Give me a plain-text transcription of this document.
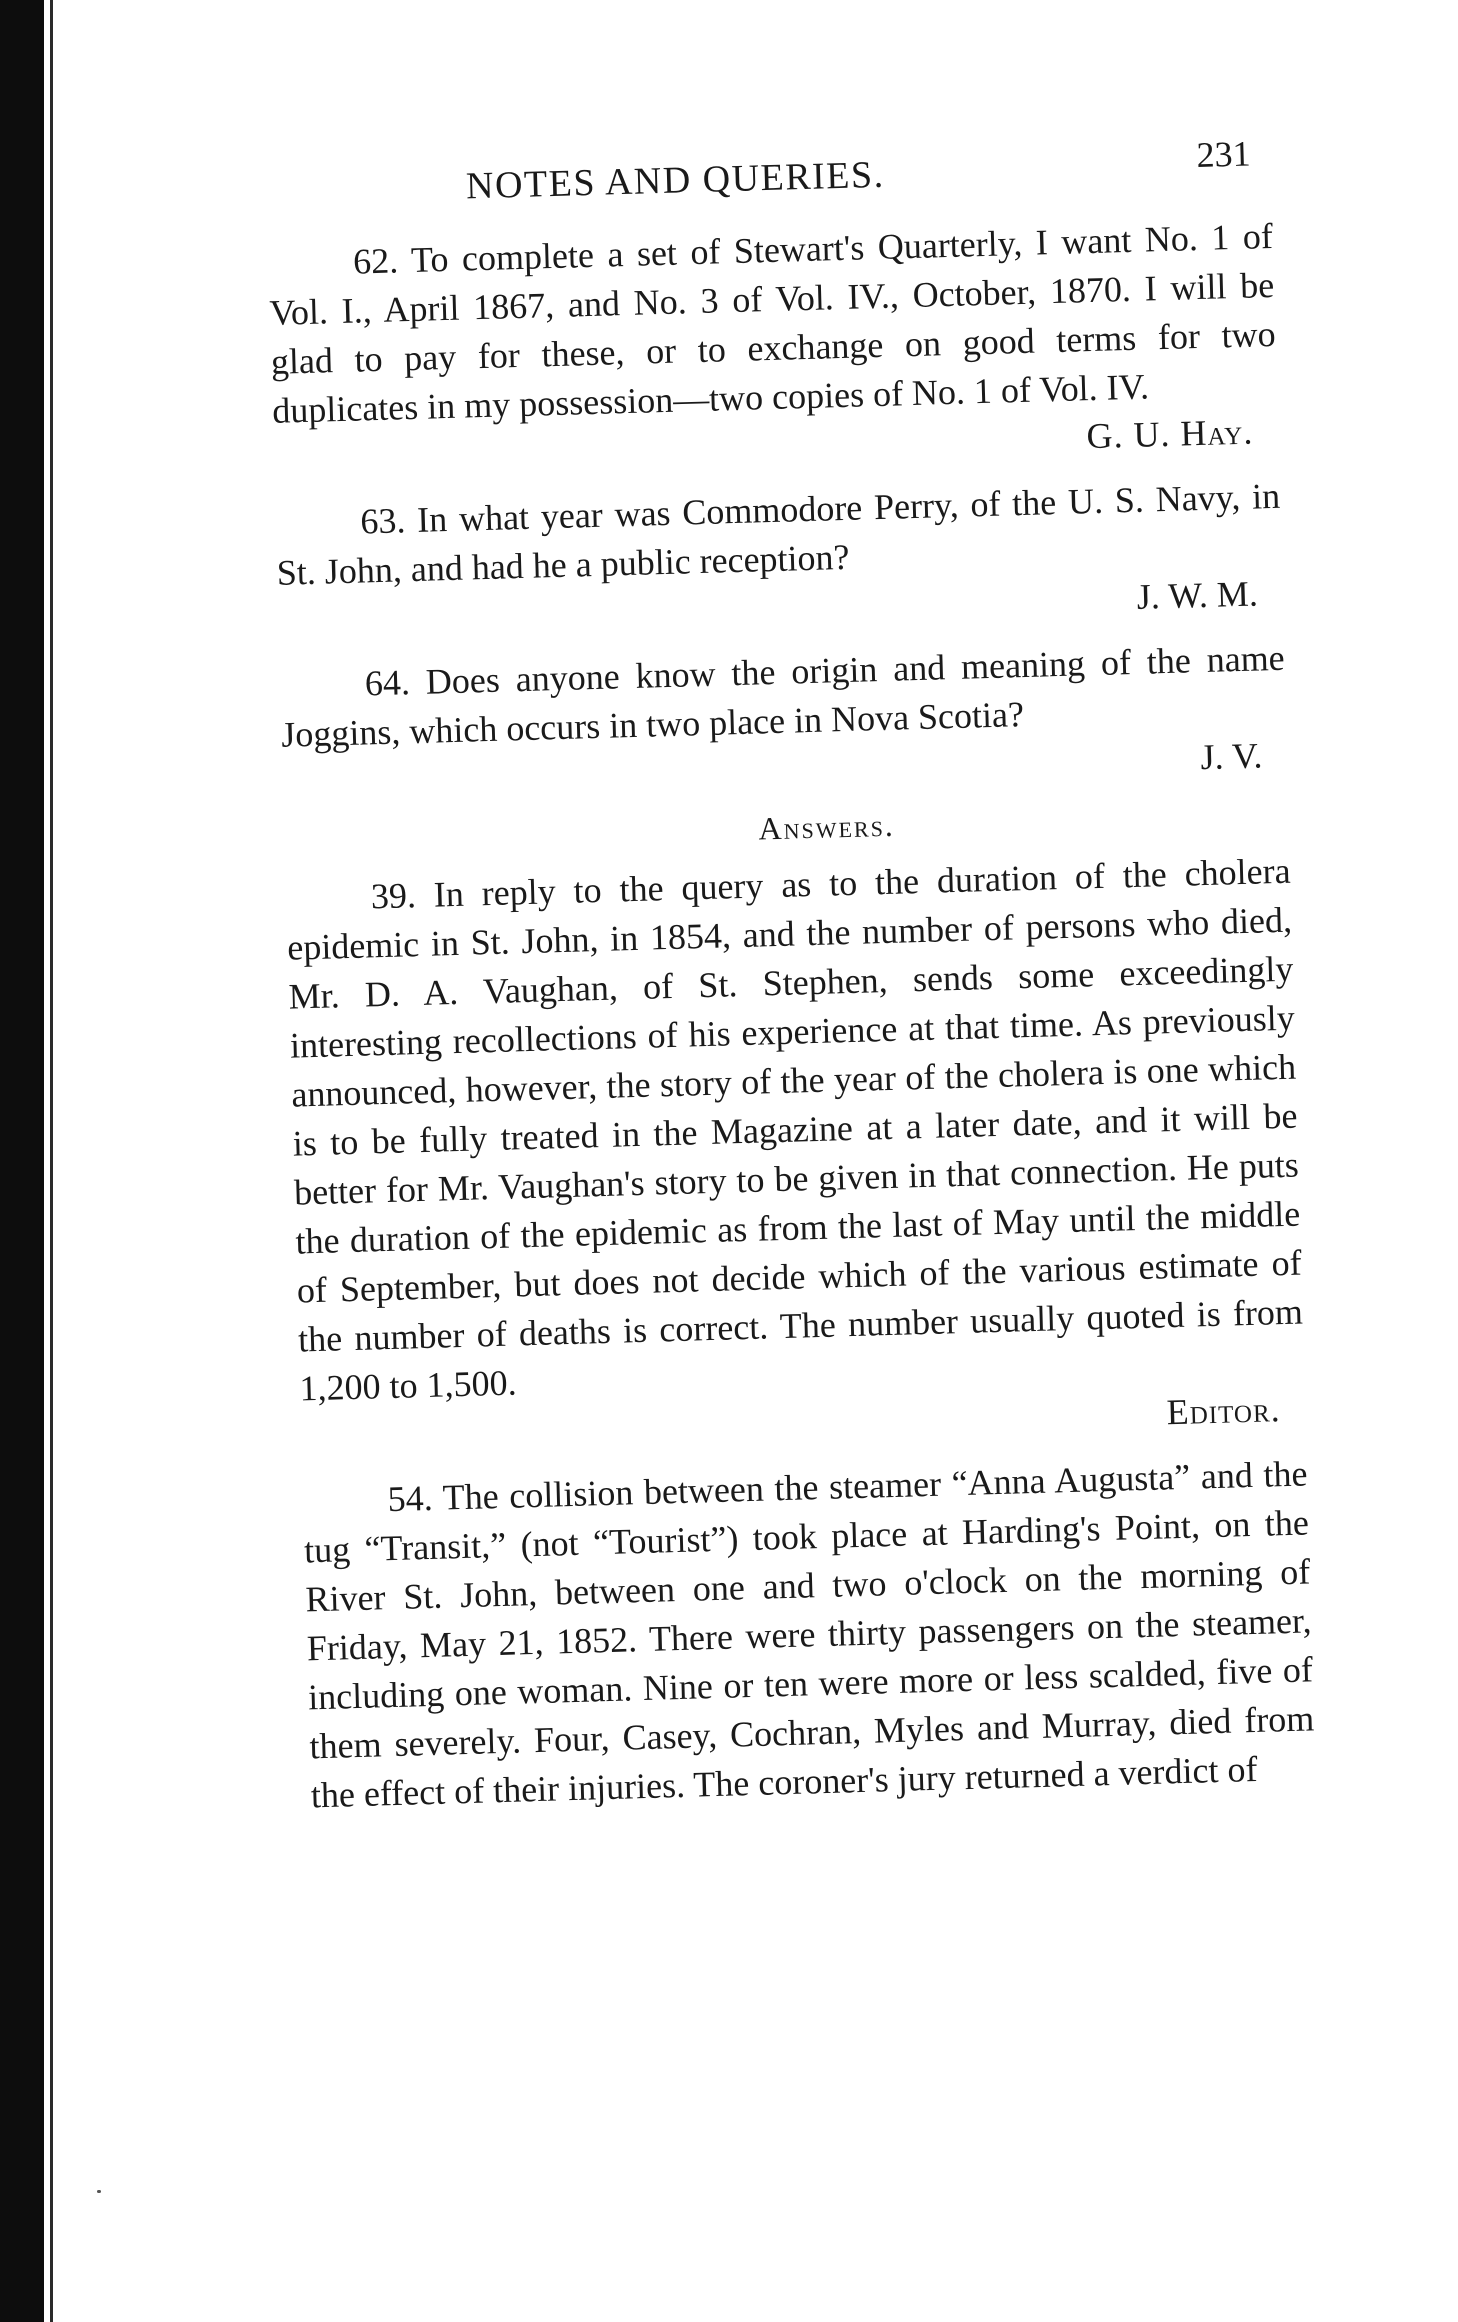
NOTES AND QUERIES.	231

62. To complete a set of Stewart's Quarterly, I want No. 1 of Vol. I., April 1867, and No. 3 of Vol. IV., October, 1870. I will be glad to pay for these, or to exchange on good terms for two duplicates in my possession—two copies of No. 1 of Vol. IV.

G. U. Hay.

63. In what year was Commodore Perry, of the U. S. Navy, in St. John, and had he a public reception?

J. W. M.

64. Does anyone know the origin and meaning of the name Joggins, which occurs in two place in Nova Scotia?

J. V.

Answers.

39. In reply to the query as to the duration of the cholera epidemic in St. John, in 1854, and the number of persons who died, Mr. D. A. Vaughan, of St. Stephen, sends some exceedingly interesting recollections of his experience at that time. As previously announced, however, the story of the year of the cholera is one which is to be fully treated in the Magazine at a later date, and it will be better for Mr. Vaughan's story to be given in that connection. He puts the duration of the epidemic as from the last of May until the middle of September, but does not decide which of the various estimate of the number of deaths is correct. The number usually quoted is from 1,200 to 1,500.

Editor.

54. The collision between the steamer “Anna Augusta” and the tug “Transit,” (not “Tourist”) took place at Harding's Point, on the River St. John, between one and two o'clock on the morning of Friday, May 21, 1852. There were thirty passengers on the steamer, including one woman. Nine or ten were more or less scalded, five of them severely. Four, Casey, Cochran, Myles and Murray, died from the effect of their injuries. The coroner's jury returned a verdict of
